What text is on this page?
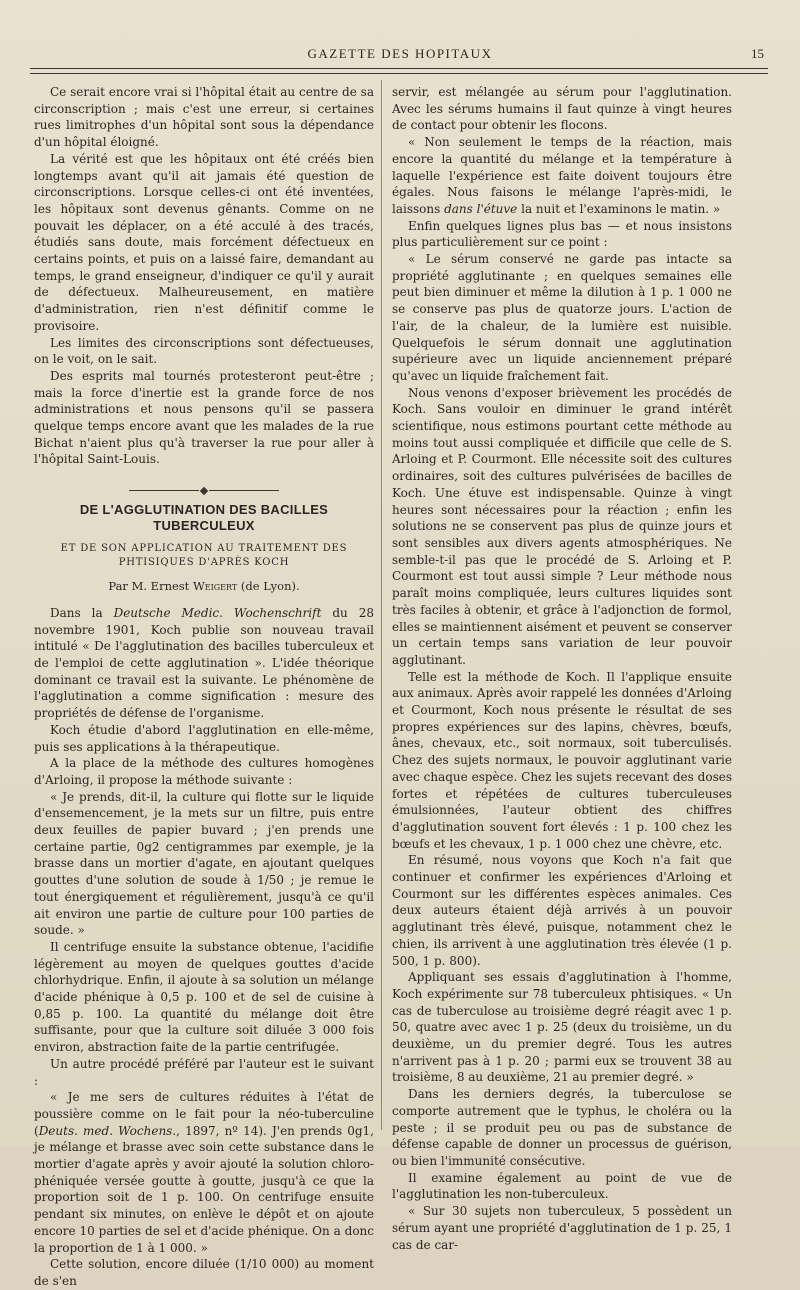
GAZETTE DES HOPITAUX	15

Ce serait encore vrai si l'hôpital était au centre de sa circonscription ; mais c'est une erreur, si certaines rues limitrophes d'un hôpital sont sous la dépendance d'un hôpital éloigné.

La vérité est que les hôpitaux ont été créés bien longtemps avant qu'il ait jamais été question de circonscriptions. Lorsque celles-ci ont été inventées, les hôpitaux sont devenus gênants. Comme on ne pouvait les déplacer, on a été acculé à des tracés, étudiés sans doute, mais forcément défectueux en certains points, et puis on a laissé faire, demandant au temps, le grand enseigneur, d'indiquer ce qu'il y aurait de défectueux. Malheureusement, en matière d'administration, rien n'est définitif comme le provisoire.

Les limites des circonscriptions sont défectueuses, on le voit, on le sait.

Des esprits mal tournés protesteront peut-être ; mais la force d'inertie est la grande force de nos administrations et nous pensons qu'il se passera quelque temps encore avant que les malades de la rue Bichat n'aient plus qu'à traverser la rue pour aller à l'hôpital Saint-Louis.

DE L'AGGLUTINATION DES BACILLES TUBERCULEUX
ET DE SON APPLICATION AU TRAITEMENT DES PHTISIQUES D'APRÈS KOCH
Par M. Ernest Weigert (de Lyon).

Dans la Deutsche Medic. Wochenschrift du 28 novembre 1901, Koch publie son nouveau travail intitulé « De l'agglutination des bacilles tuberculeux et de l'emploi de cette agglutination ». L'idée théorique dominant ce travail est la suivante. Le phénomène de l'agglutination a comme signification : mesure des propriétés de défense de l'organisme.

Koch étudie d'abord l'agglutination en elle-même, puis ses applications à la thérapeutique.

A la place de la méthode des cultures homogènes d'Arloing, il propose la méthode suivante :

« Je prends, dit-il, la culture qui flotte sur le liquide d'ensemencement, je la mets sur un filtre, puis entre deux feuilles de papier buvard ; j'en prends une certaine partie, 0g2 centigrammes par exemple, je la brasse dans un mortier d'agate, en ajoutant quelques gouttes d'une solution de soude à 1/50 ; je remue le tout énergiquement et régulièrement, jusqu'à ce qu'il ait environ une partie de culture pour 100 parties de soude. »

Il centrifuge ensuite la substance obtenue, l'acidifie légèrement au moyen de quelques gouttes d'acide chlorhydrique. Enfin, il ajoute à sa solution un mélange d'acide phénique à 0,5 p. 100 et de sel de cuisine à 0,85 p. 100. La quantité du mélange doit être suffisante, pour que la culture soit diluée 3 000 fois environ, abstraction faite de la partie centrifugée.

Un autre procédé préféré par l'auteur est le suivant :

« Je me sers de cultures réduites à l'état de poussière comme on le fait pour la néo-tuberculine (Deuts. med. Wochens., 1897, nº 14). J'en prends 0g1, je mélange et brasse avec soin cette substance dans le mortier d'agate après y avoir ajouté la solution chloro-phéniquée versée goutte à goutte, jusqu'à ce que la proportion soit de 1 p. 100. On centrifuge ensuite pendant six minutes, on enlève le dépôt et on ajoute encore 10 parties de sel et d'acide phénique. On a donc la proportion de 1 à 1 000. »

Cette solution, encore diluée (1/10 000) au moment de s'en

servir, est mélangée au sérum pour l'agglutination. Avec les sérums humains il faut quinze à vingt heures de contact pour obtenir les flocons.

« Non seulement le temps de la réaction, mais encore la quantité du mélange et la température à laquelle l'expérience est faite doivent toujours être égales. Nous faisons le mélange l'après-midi, le laissons dans l'étuve la nuit et l'examinons le matin. »

Enfin quelques lignes plus bas — et nous insistons plus particulièrement sur ce point :

« Le sérum conservé ne garde pas intacte sa propriété agglutinante ; en quelques semaines elle peut bien diminuer et même la dilution à 1 p. 1 000 ne se conserve pas plus de quatorze jours. L'action de l'air, de la chaleur, de la lumière est nuisible. Quelquefois le sérum donnait une agglutination supérieure avec un liquide anciennement préparé qu'avec un liquide fraîchement fait.

Nous venons d'exposer brièvement les procédés de Koch. Sans vouloir en diminuer le grand intérêt scientifique, nous estimons pourtant cette méthode au moins tout aussi compliquée et difficile que celle de S. Arloing et P. Courmont. Elle nécessite soit des cultures ordinaires, soit des cultures pulvérisées de bacilles de Koch. Une étuve est indispensable. Quinze à vingt heures sont nécessaires pour la réaction ; enfin les solutions ne se conservent pas plus de quinze jours et sont sensibles aux divers agents atmosphériques. Ne semble-t-il pas que le procédé de S. Arloing et P. Courmont est tout aussi simple ? Leur méthode nous paraît moins compliquée, leurs cultures liquides sont très faciles à obtenir, et grâce à l'adjonction de formol, elles se maintiennent aisément et peuvent se conserver un certain temps sans variation de leur pouvoir agglutinant.

Telle est la méthode de Koch. Il l'applique ensuite aux animaux. Après avoir rappelé les données d'Arloing et Courmont, Koch nous présente le résultat de ses propres expériences sur des lapins, chèvres, bœufs, ânes, chevaux, etc., soit normaux, soit tuberculisés. Chez des sujets normaux, le pouvoir agglutinant varie avec chaque espèce. Chez les sujets recevant des doses fortes et répétées de cultures tuberculeuses émulsionnées, l'auteur obtient des chiffres d'agglutination souvent fort élevés : 1 p. 100 chez les bœufs et les chevaux, 1 p. 1 000 chez une chèvre, etc.

En résumé, nous voyons que Koch n'a fait que continuer et confirmer les expériences d'Arloing et Courmont sur les différentes espèces animales. Ces deux auteurs étaient déjà arrivés à un pouvoir agglutinant très élevé, puisque, notamment chez le chien, ils arrivent à une agglutination très élevée (1 p. 500, 1 p. 800).

Appliquant ses essais d'agglutination à l'homme, Koch expérimente sur 78 tuberculeux phtisiques. « Un cas de tuberculose au troisième degré réagit avec 1 p. 50, quatre avec avec 1 p. 25 (deux du troisième, un du deuxième, un du premier degré. Tous les autres n'arrivent pas à 1 p. 20 ; parmi eux se trouvent 38 au troisième, 8 au deuxième, 21 au premier degré. »

Dans les derniers degrés, la tuberculose se comporte autrement que le typhus, le choléra ou la peste ; il se produit peu ou pas de substance de défense capable de donner un processus de guérison, ou bien l'immunité consécutive.

Il examine également au point de vue de l'agglutination les non-tuberculeux.

« Sur 30 sujets non tuberculeux, 5 possèdent un sérum ayant une propriété d'agglutination de 1 p. 25, 1 cas de car-
